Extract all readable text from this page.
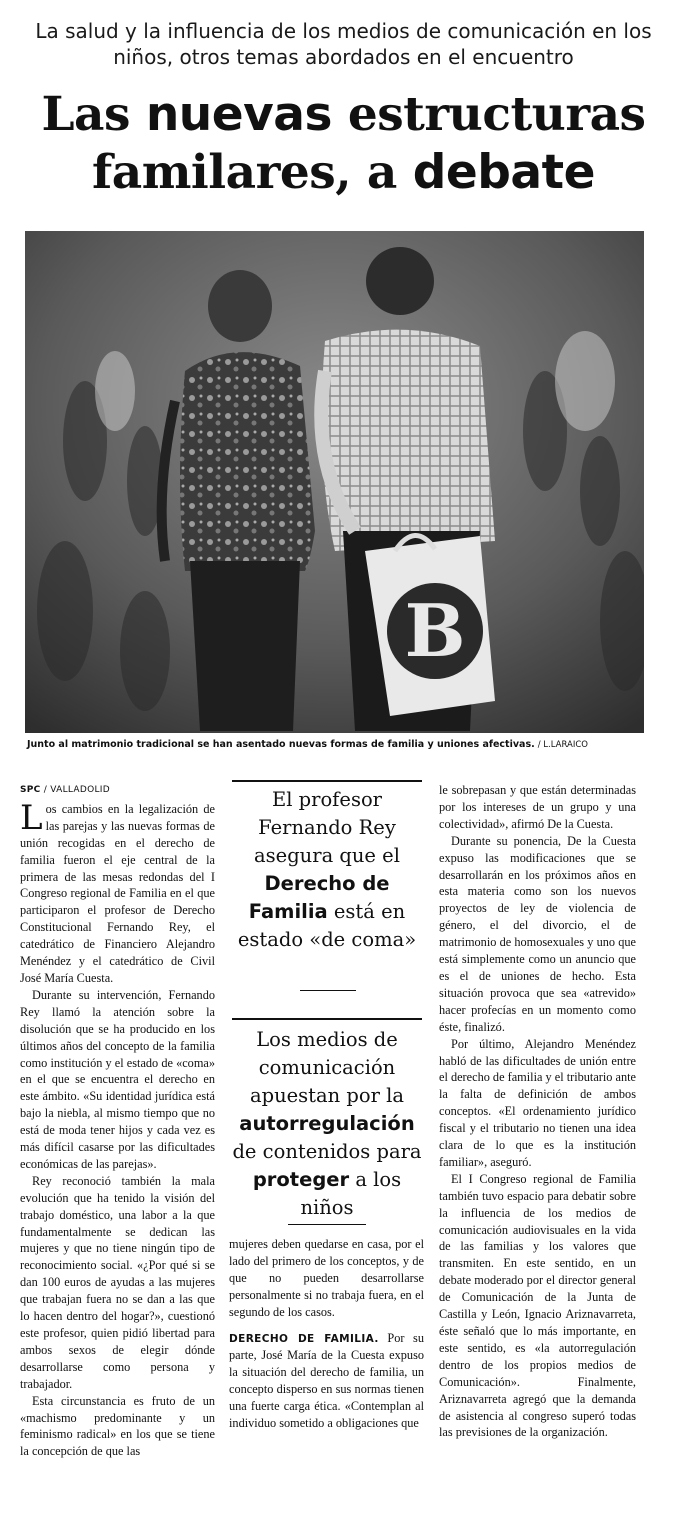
La salud y la influencia de los medios de comunicación en los niños, otros temas abordados en el encuentro
Las nuevas estructuras familares, a debate
B
Junto al matrimonio tradicional se han asentado nuevas formas de familia y uniones afectivas. / L.LARAICO
SPC / VALLADOLID

Los cambios en la legalización de las parejas y las nuevas formas de unión recogidas en el derecho de familia fueron el eje central de la primera de las mesas redondas del I Congreso regional de Familia en el que participaron el profesor de Derecho Constitucional Fernando Rey, el catedrático de Financiero Alejandro Menéndez y el catedrático de Civil José María Cuesta.

Durante su intervención, Fernando Rey llamó la atención sobre la disolución que se ha producido en los últimos años del concepto de la familia como institución y el estado de «coma» en el que se encuentra el derecho en este ámbito. «Su identidad jurídica está bajo la niebla, al mismo tiempo que no está de moda tener hijos y cada vez es más difícil casarse por las dificultades económicas de las parejas».

Rey reconoció también la mala evolución que ha tenido la visión del trabajo doméstico, una labor a la que fundamentalmente se dedican las mujeres y que no tiene ningún tipo de reconocimiento social. «¿Por qué si se dan 100 euros de ayudas a las mujeres que trabajan fuera no se dan a las que lo hacen dentro del hogar?», cuestionó este profesor, quien pidió libertad para ambos sexos de elegir dónde desarrollarse como persona y trabajador.

Esta circunstancia es fruto de un «machismo predominante y un feminismo radical» en los que se tiene la concepción de que las

El profesor Fernando Rey asegura que el Derecho de Familia está en estado «de coma»
Los medios de comunicación apuestan por la autorregulación de contenidos para proteger a los niños

mujeres deben quedarse en casa, por el lado del primero de los conceptos, y de que no pueden desarrollarse personalmente si no trabaja fuera, en el segundo de los casos.

DERECHO DE FAMILIA. Por su parte, José María de la Cuesta expuso la situación del derecho de familia, un concepto disperso en sus normas tienen una fuerte carga ética. «Contemplan al individuo sometido a obligaciones que

le sobrepasan y que están determinadas por los intereses de un grupo y una colectividad», afirmó De la Cuesta.

Durante su ponencia, De la Cuesta expuso las modificaciones que se desarrollarán en los próximos años en esta materia como son los nuevos proyectos de ley de violencia de género, el del divorcio, el de matrimonio de homosexuales y uno que está simplemente como un anuncio que es el de uniones de hecho. Esta situación provoca que sea «atrevido» hacer profecías en un momento como éste, finalizó.

Por último, Alejandro Menéndez habló de las dificultades de unión entre el derecho de familia y el tributario ante la falta de definición de ambos conceptos. «El ordenamiento jurídico fiscal y el tributario no tienen una idea clara de lo que es la institución familiar», aseguró.

El I Congreso regional de Familia también tuvo espacio para debatir sobre la influencia de los medios de comunicación audiovisuales en la vida de las familias y los valores que transmiten. En este sentido, en un debate moderado por el director general de Comunicación de la Junta de Castilla y León, Ignacio Ariznavarreta, éste señaló que lo más importante, en este sentido, es «la autorregulación dentro de los propios medios de Comunicación». Finalmente, Ariznavarreta agregó que la demanda de asistencia al congreso superó todas las previsiones de la organización.
